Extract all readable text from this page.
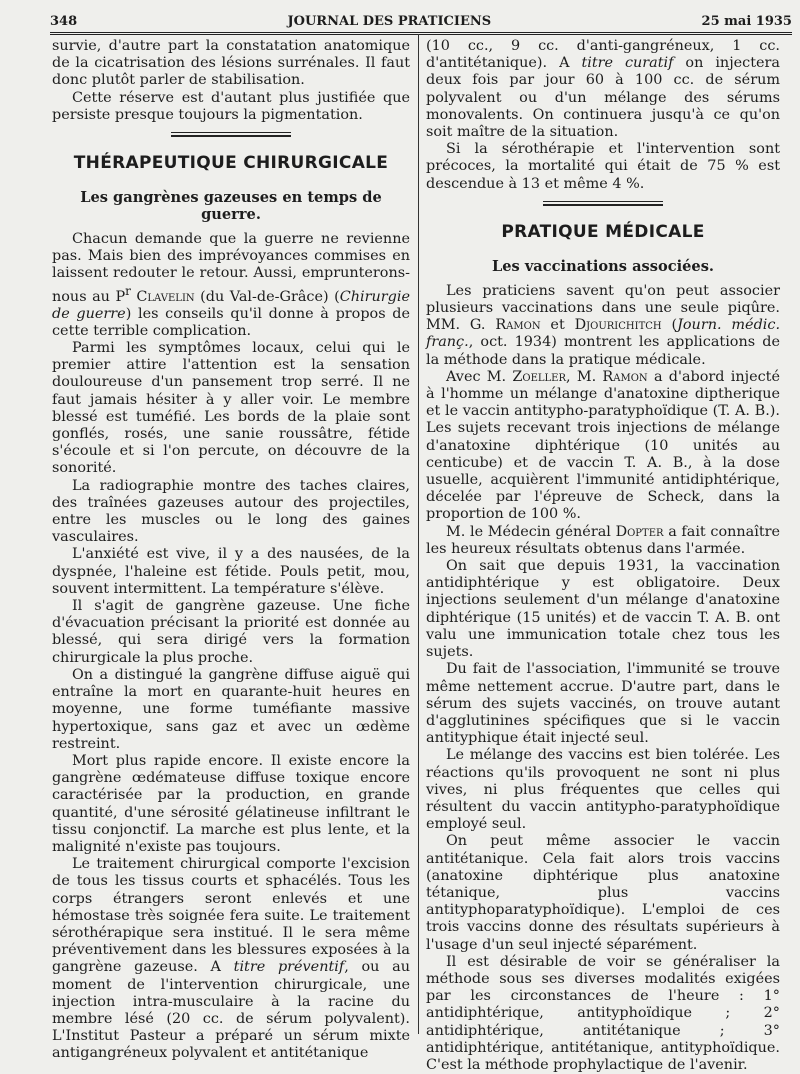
348	JOURNAL DES PRATICIENS	25 mai 1935

survie, d'autre part la constatation anatomique de la cicatrisation des lésions surrénales. Il faut donc plutôt parler de stabilisation.

Cette réserve est d'autant plus justifiée que persiste presque toujours la pigmentation.

THÉRAPEUTIQUE CHIRURGICALE
Les gangrènes gazeuses en temps de guerre.

Chacun demande que la guerre ne revienne pas. Mais bien des imprévoyances commises en laissent redouter le retour. Aussi, emprunterons-nous au $P^r$ Clavelin (du Val-de-Grâce) (Chirurgie de guerre) les conseils qu'il donne à propos de cette terrible complication.

Parmi les symptômes locaux, celui qui le premier attire l'attention est la sensation douloureuse d'un pansement trop serré. Il ne faut jamais hésiter à y aller voir. Le membre blessé est tuméfié. Les bords de la plaie sont gonflés, rosés, une sanie roussâtre, fétide s'écoule et si l'on percute, on découvre de la sonorité.

La radiographie montre des taches claires, des traînées gazeuses autour des projectiles, entre les muscles ou le long des gaines vasculaires.

L'anxiété est vive, il y a des nausées, de la dyspnée, l'haleine est fétide. Pouls petit, mou, souvent intermittent. La température s'élève.

Il s'agit de gangrène gazeuse. Une fiche d'évacuation précisant la priorité est donnée au blessé, qui sera dirigé vers la formation chirurgicale la plus proche.

On a distingué la gangrène diffuse aiguë qui entraîne la mort en quarante-huit heures en moyenne, une forme tuméfiante massive hypertoxique, sans gaz et avec un œdème restreint.

Mort plus rapide encore. Il existe encore la gangrène œdémateuse diffuse toxique encore caractérisée par la production, en grande quantité, d'une sérosité gélatineuse infiltrant le tissu conjonctif. La marche est plus lente, et la malignité n'existe pas toujours.

Le traitement chirurgical comporte l'excision de tous les tissus courts et sphacélés. Tous les corps étrangers seront enlevés et une hémostase très soignée fera suite. Le traitement sérothérapique sera institué. Il le sera même préventivement dans les blessures exposées à la gangrène gazeuse. A titre préventif, ou au moment de l'intervention chirurgicale, une injection intra-musculaire à la racine du membre lésé (20 cc. de sérum polyvalent). L'Institut Pasteur a préparé un sérum mixte antigangréneux polyvalent et antitétanique

(10 cc., 9 cc. d'anti-gangréneux, 1 cc. d'antitétanique). A titre curatif on injectera deux fois par jour 60 à 100 cc. de sérum polyvalent ou d'un mélange des sérums monovalents. On continuera jusqu'à ce qu'on soit maître de la situation.

Si la sérothérapie et l'intervention sont précoces, la mortalité qui était de 75 % est descendue à 13 et même 4 %.

PRATIQUE MÉDICALE
Les vaccinations associées.

Les praticiens savent qu'on peut associer plusieurs vaccinations dans une seule piqûre. MM. G. Ramon et Djourichitch (Journ. médic. franç., oct. 1934) montrent les applications de la méthode dans la pratique médicale.

Avec M. Zoeller, M. Ramon a d'abord injecté à l'homme un mélange d'anatoxine diptherique et le vaccin antitypho-paratyphoïdique (T. A. B.). Les sujets recevant trois injections de mélange d'anatoxine diphtérique (10 unités au centicube) et de vaccin T. A. B., à la dose usuelle, acquièrent l'immunité antidiphtérique, décelée par l'épreuve de Scheck, dans la proportion de 100 %.

M. le Médecin général Dopter a fait connaître les heureux résultats obtenus dans l'armée.

On sait que depuis 1931, la vaccination antidiphtérique y est obligatoire. Deux injections seulement d'un mélange d'anatoxine diphtérique (15 unités) et de vaccin T. A. B. ont valu une immunication totale chez tous les sujets.

Du fait de l'association, l'immunité se trouve même nettement accrue. D'autre part, dans le sérum des sujets vaccinés, on trouve autant d'agglutinines spécifiques que si le vaccin antityphique était injecté seul.

Le mélange des vaccins est bien tolérée. Les réactions qu'ils provoquent ne sont ni plus vives, ni plus fréquentes que celles qui résultent du vaccin antitypho-paratyphoïdique employé seul.

On peut même associer le vaccin antitétanique. Cela fait alors trois vaccins (anatoxine diphtérique plus anatoxine tétanique, plus vaccins antityphoparatyphoïdique). L'emploi de ces trois vaccins donne des résultats supérieurs à l'usage d'un seul injecté séparément.

Il est désirable de voir se généraliser la méthode sous ses diverses modalités exigées par les circonstances de l'heure : 1° antidiphtérique, antityphoïdique ; 2° antidiphtérique, antitétanique ; 3° antidiphtérique, antitétanique, antityphoïdique. C'est la méthode prophylactique de l'avenir.
